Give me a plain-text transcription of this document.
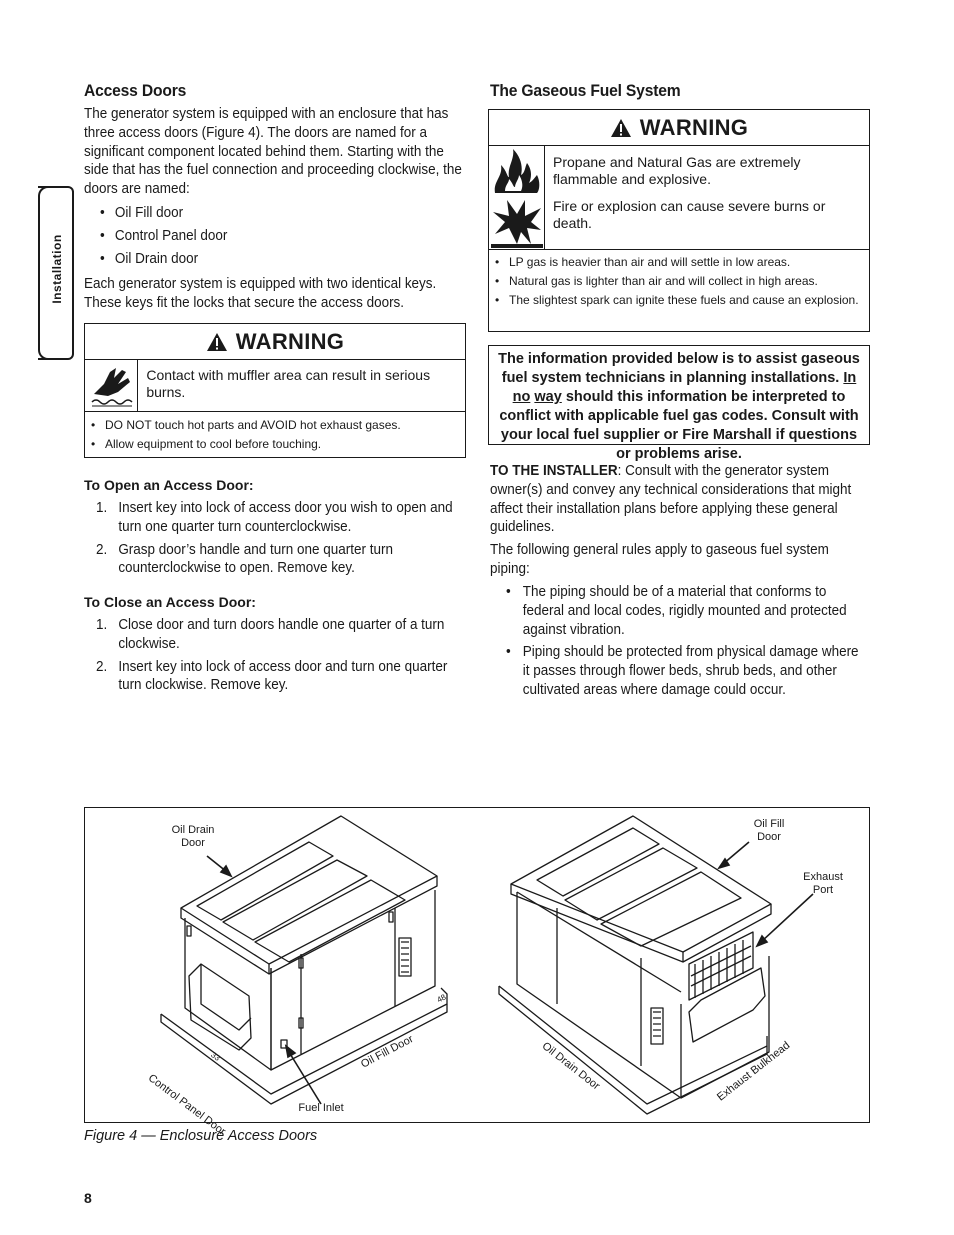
Installation
Access Doors
The generator system is equipped with an enclosure that has three access doors (Figure 4). The doors are named for a significant component located behind them. Starting with the side that has the fuel connection and proceeding clockwise, the doors are named:
• Oil Fill door
• Control Panel door
• Oil Drain door
Each generator system is equipped with two identical keys. These keys fit the locks that secure the access doors.
WARNING
Contact with muffler area can result in serious burns.
• DO NOT touch hot parts and AVOID hot exhaust gases.
• Allow equipment to cool before touching.
To Open an Access Door:
1. Insert key into lock of access door you wish to open and turn one quarter turn counterclockwise.
2. Grasp door’s handle and turn one quarter turn counterclockwise to open. Remove key.
To Close an Access Door:
1. Close door and turn doors handle one quarter of a turn clockwise.
2. Insert key into lock of access door and turn one quarter turn clockwise. Remove key.
The Gaseous Fuel System
WARNING
Propane and Natural Gas are extremely flammable and explosive.
Fire or explosion can cause severe burns or death.
• LP gas is heavier than air and will settle in low areas.
• Natural gas is lighter than air and will collect in high areas.
• The slightest spark can ignite these fuels and cause an explosion.
The information provided below is to assist gaseous fuel system technicians in planning installations. In no way should this information be interpreted to conflict with applicable fuel gas codes. Consult with your local fuel supplier or Fire Marshall if questions or problems arise.
TO THE INSTALLER: Consult with the generator system owner(s) and convey any technical considerations that might affect their installation plans before applying these general guidelines.
The following general rules apply to gaseous fuel system piping:
• The piping should be of a material that conforms to federal and local codes, rigidly mounted and protected against vibration.
• Piping should be protected from physical damage where it passes through flower beds, shrub beds, and other cultivated areas where damage could occur.
Oil Drain
Door
Oil Fill
Door
Exhaust
Port
Fuel Inlet
Control Panel Door
Oil Fill Door	Oil Drain Door	Exhaust Bulkhead
33
48
Figure 4 — Enclosure Access Doors
8
